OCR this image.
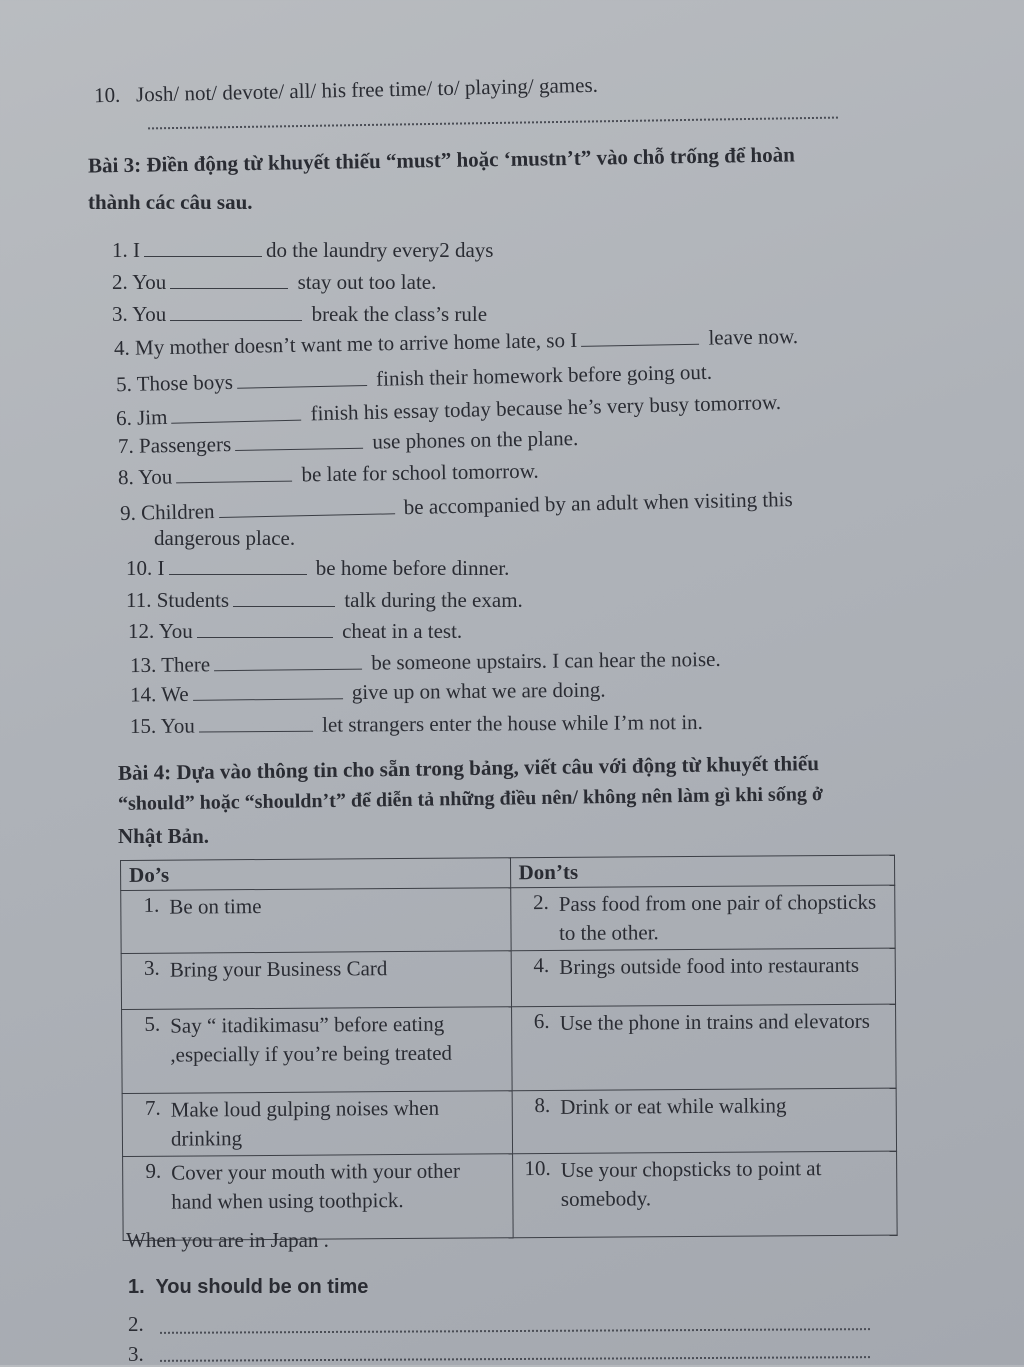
10. Josh/ not/ devote/ all/ his free time/ to/ playing/ games.
Bài 3: Điền động từ khuyết thiếu “must” hoặc ‘mustn’t” vào chỗ trống để hoàn
thành các câu sau.
1. I	do the laundry every2 days
2. You	stay out too late.
3. You	break the class’s rule
4. My mother doesn’t want me to arrive home late, so I	leave now.
5. Those boys	finish their homework before going out.
6. Jim	finish his essay today because he’s very busy tomorrow.
7. Passengers	use phones on the plane.
8. You	be late for school tomorrow.
9. Children	be accompanied by an adult when visiting this
dangerous place.
10. I	be home before dinner.
11. Students	talk during the exam.
12. You	cheat in a test.
13. There	be someone upstairs. I can hear the noise.
14. We	give up on what we are doing.
15. You	let strangers enter the house while I’m not in.
Bài 4: Dựa vào thông tin cho sẵn trong bảng, viết câu với động từ khuyết thiếu
“should” hoặc “shouldn’t” để diễn tả những điều nên/ không nên làm gì khi sống ở
Nhật Bản.
Do’s	Don’ts

1. Be on time	2. Pass food from one pair of chopsticks to the other.

3. Bring your Business Card	4. Brings outside food into restaurants

5. Say “ itadikimasu” before eating ,especially if you’re being treated	6. Use the phone in trains and elevators

7. Make loud gulping noises when drinking	8. Drink or eat while walking

9. Cover your mouth with your other hand when using toothpick.	10. Use your chopsticks to point at somebody.
When you are in Japan .
1. You should be on time
2.
3.
